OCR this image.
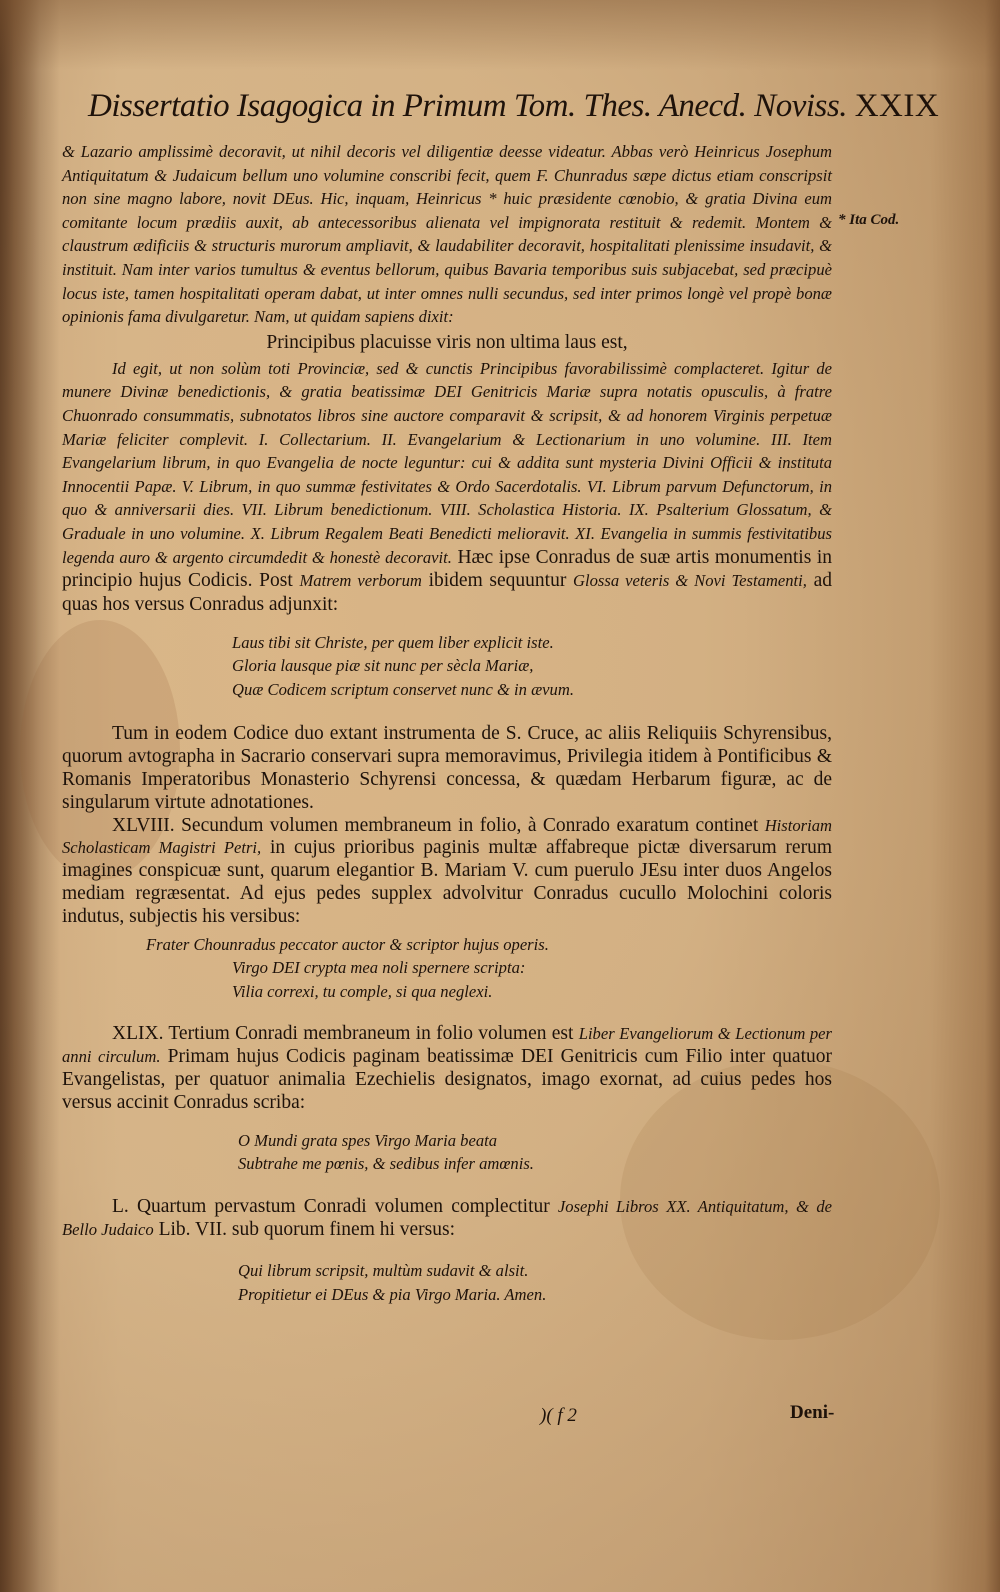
Dissertatio Isagogica in Primum Tom. Thes. Anecd. Noviss. XXIX
* Ita Cod.

& Lazario amplissimè decoravit, ut nihil decoris vel diligentiæ deesse videatur. Abbas verò Heinricus Josephum Antiquitatum & Judaicum bellum uno volumine conscribi fecit, quem F. Chunradus sæpe dictus etiam conscripsit non sine magno labore, novit DEus. Hic, inquam, Heinricus * huic præsidente cœnobio, & gratia Divina eum comitante locum prædiis auxit, ab antecessoribus alienata vel impignorata restituit & redemit. Montem & claustrum ædificiis & structuris murorum ampliavit, & laudabiliter decoravit, hospitalitati plenissime insudavit, & instituit. Nam inter varios tumultus & eventus bellorum, quibus Bavaria temporibus suis subjacebat, sed præcipuè locus iste, tamen hospitalitati operam dabat, ut inter omnes nulli secundus, sed inter primos longè vel propè bonæ opinionis fama divulgaretur. Nam, ut quidam sapiens dixit:

Principibus placuisse viris non ultima laus est,

Id egit, ut non solùm toti Provinciæ, sed & cunctis Principibus favorabilissimè complacteret. Igitur de munere Divinæ benedictionis, & gratia beatissimæ DEI Genitricis Mariæ supra notatis opusculis, à fratre Chuonrado consummatis, subnotatos libros sine auctore comparavit & scripsit, & ad honorem Virginis perpetuæ Mariæ feliciter complevit. I. Collectarium. II. Evangelarium & Lectionarium in uno volumine. III. Item Evangelarium librum, in quo Evangelia de nocte leguntur: cui & addita sunt mysteria Divini Officii & instituta Innocentii Papæ. V. Librum, in quo summæ festivitates & Ordo Sacerdotalis. VI. Librum parvum Defunctorum, in quo & anniversarii dies. VII. Librum benedictionum. VIII. Scholastica Historia. IX. Psalterium Glossatum, & Graduale in uno volumine. X. Librum Regalem Beati Benedicti melioravit. XI. Evangelia in summis festivitatibus legenda auro & argento circumdedit & honestè decoravit. Hæc ipse Conradus de suæ artis monumentis in principio hujus Codicis. Post Matrem verborum ibidem sequuntur Glossa veteris & Novi Testamenti, ad quas hos versus Conradus adjunxit:

Laus tibi sit Christe, per quem liber explicit iste.

Gloria lausque piæ sit nunc per sècla Mariæ,

Quæ Codicem scriptum conservet nunc & in ævum.

Tum in eodem Codice duo extant instrumenta de S. Cruce, ac aliis Reliquiis Schyrensibus, quorum avtographa in Sacrario conservari supra memoravimus, Privilegia itidem à Pontificibus & Romanis Imperatoribus Monasterio Schyrensi concessa, & quædam Herbarum figuræ, ac de singularum virtute adnotationes.

XLVIII. Secundum volumen membraneum in folio, à Conrado exaratum continet Historiam Scholasticam Magistri Petri, in cujus prioribus paginis multæ affabreque pictæ diversarum rerum imagines conspicuæ sunt, quarum elegantior B. Mariam V. cum puerulo JEsu inter duos Angelos mediam regræsentat. Ad ejus pedes supplex advolvitur Conradus cucullo Molochini coloris indutus, subjectis his versibus:

Frater Chounradus peccator auctor & scriptor hujus operis.

Virgo DEI crypta mea noli spernere scripta:

Vilia correxi, tu comple, si qua neglexi.

XLIX. Tertium Conradi membraneum in folio volumen est Liber Evangeliorum & Lectionum per anni circulum. Primam hujus Codicis paginam beatissimæ DEI Genitricis cum Filio inter quatuor Evangelistas, per quatuor animalia Ezechielis designatos, imago exornat, ad cuius pedes hos versus accinit Conradus scriba:

O Mundi grata spes Virgo Maria beata

Subtrahe me pœnis, & sedibus infer amœnis.

L. Quartum pervastum Conradi volumen complectitur Josephi Libros XX. Antiquitatum, & de Bello Judaico Lib. VII. sub quorum finem hi versus:

Qui librum scripsit, multùm sudavit & alsit.

Propitietur ei DEus & pia Virgo Maria. Amen.

)( f 2	Deni-
